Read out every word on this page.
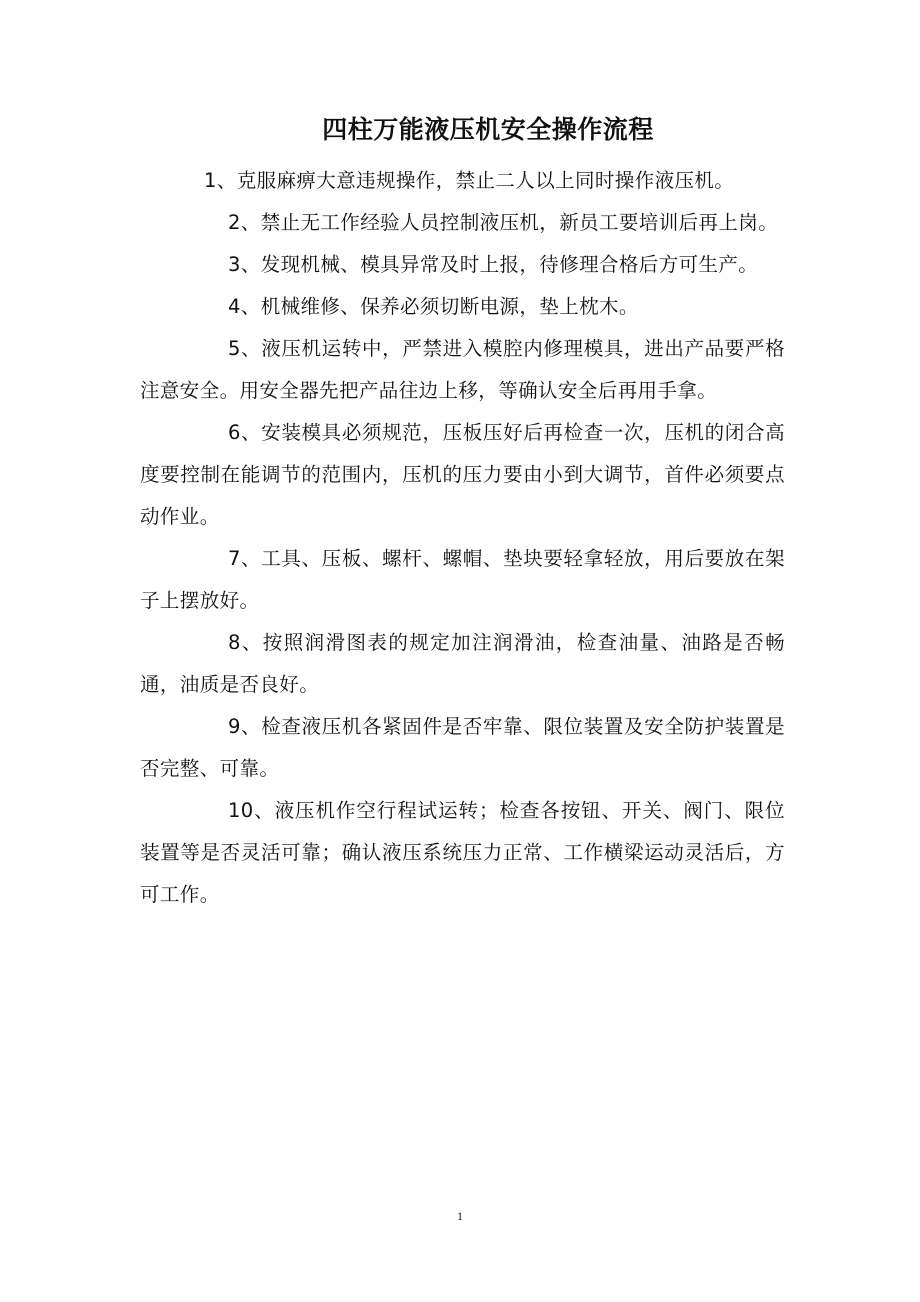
四柱万能液压机安全操作流程

1、克服麻痹大意违规操作，禁止二人以上同时操作液压机。

2、禁止无工作经验人员控制液压机，新员工要培训后再上岗。

3、发现机械、模具异常及时上报，待修理合格后方可生产。

4、机械维修、保养必须切断电源，垫上枕木。

5、液压机运转中，严禁进入模腔内修理模具，进出产品要严格注意安全。用安全器先把产品往边上移，等确认安全后再用手拿。

6、安装模具必须规范，压板压好后再检查一次，压机的闭合高度要控制在能调节的范围内，压机的压力要由小到大调节，首件必须要点动作业。

7、工具、压板、螺杆、螺帽、垫块要轻拿轻放，用后要放在架子上摆放好。

8、按照润滑图表的规定加注润滑油，检查油量、油路是否畅通，油质是否良好。

9、检查液压机各紧固件是否牢靠、限位装置及安全防护装置是否完整、可靠。

10、液压机作空行程试运转；检查各按钮、开关、阀门、限位装置等是否灵活可靠；确认液压系统压力正常、工作横梁运动灵活后，方可工作。

1
